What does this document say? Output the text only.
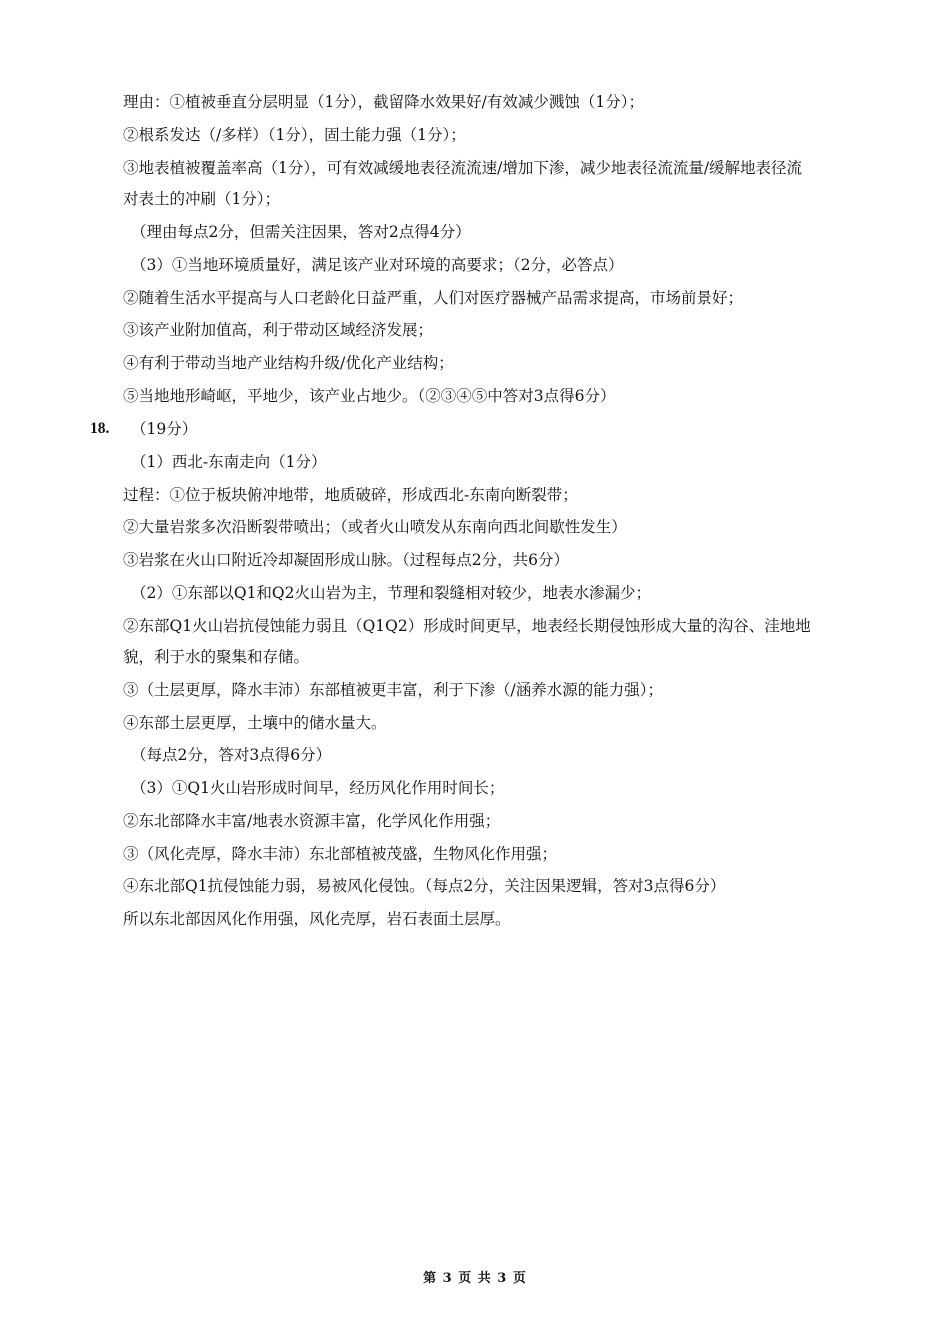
理由：①植被垂直分层明显（1分），截留降水效果好/有效减少溅蚀（1分）；
②根系发达（/多样）（1分），固土能力强（1分）；
③地表植被覆盖率高（1分），可有效减缓地表径流流速/增加下渗，减少地表径流流量/缓解地表径流
对表土的冲刷（1分）；
（理由每点2分，但需关注因果，答对2点得4分）
（3）①当地环境质量好，满足该产业对环境的高要求；（2分，必答点）
②随着生活水平提高与人口老龄化日益严重，人们对医疗器械产品需求提高，市场前景好；
③该产业附加值高，利于带动区域经济发展；
④有利于带动当地产业结构升级/优化产业结构；
⑤当地地形崎岖，平地少，该产业占地少。（②③④⑤中答对3点得6分）
18. （19分）
（1）西北-东南走向（1分）
过程：①位于板块俯冲地带，地质破碎，形成西北-东南向断裂带；
②大量岩浆多次沿断裂带喷出；（或者火山喷发从东南向西北间歇性发生）
③岩浆在火山口附近冷却凝固形成山脉。（过程每点2分，共6分）
（2）①东部以Q1和Q2火山岩为主，节理和裂缝相对较少，地表水渗漏少；
②东部Q1火山岩抗侵蚀能力弱且（Q1Q2）形成时间更早，地表经长期侵蚀形成大量的沟谷、洼地地
貌，利于水的聚集和存储。
③（土层更厚，降水丰沛）东部植被更丰富，利于下渗（/涵养水源的能力强）；
④东部土层更厚，土壤中的储水量大。
（每点2分，答对3点得6分）
（3）①Q1火山岩形成时间早，经历风化作用时间长；
②东北部降水丰富/地表水资源丰富，化学风化作用强；
③（风化壳厚，降水丰沛）东北部植被茂盛，生物风化作用强；
④东北部Q1抗侵蚀能力弱，易被风化侵蚀。（每点2分，关注因果逻辑，答对3点得6分）
所以东北部因风化作用强，风化壳厚，岩石表面土层厚。
第 3 页 共 3 页
